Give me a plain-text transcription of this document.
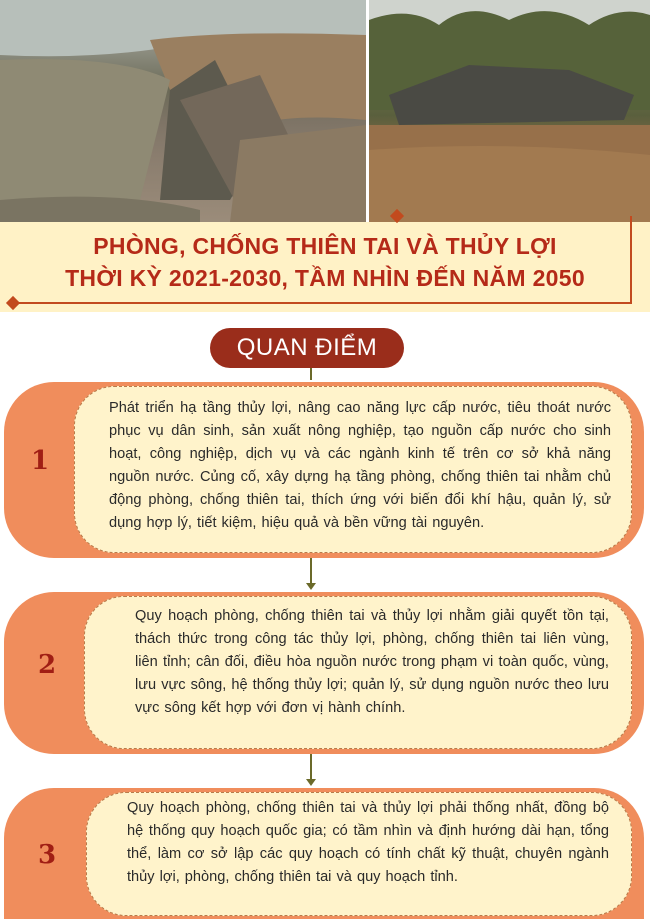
PHÒNG, CHỐNG THIÊN TAI VÀ THỦY LỢI
THỜI KỲ 2021-2030, TẦM NHÌN ĐẾN NĂM 2050
QUAN ĐIỂM
1
Phát triển hạ tầng thủy lợi, nâng cao năng lực cấp nước, tiêu thoát nước phục vụ dân sinh, sản xuất nông nghiệp, tạo nguồn cấp nước cho sinh hoạt, công nghiệp, dịch vụ và các ngành kinh tế trên cơ sở khả năng nguồn nước. Củng cố, xây dựng hạ tầng phòng, chống thiên tai nhằm chủ động phòng, chống thiên tai, thích ứng với biến đổi khí hậu, quản lý, sử dụng hợp lý, tiết kiệm, hiệu quả và bền vững tài nguyên.
2
Quy hoạch phòng, chống thiên tai và thủy lợi nhằm giải quyết tồn tại, thách thức trong công tác thủy lợi, phòng, chống thiên tai liên vùng, liên tỉnh; cân đối, điều hòa nguồn nước trong phạm vi toàn quốc, vùng, lưu vực sông, hệ thống thủy lợi; quản lý, sử dụng nguồn nước theo lưu vực sông kết hợp với đơn vị hành chính.
3
Quy hoạch phòng, chống thiên tai và thủy lợi phải thống nhất, đồng bộ hệ thống quy hoạch quốc gia; có tầm nhìn và định hướng dài hạn, tổng thể, làm cơ sở lập các quy hoạch có tính chất kỹ thuật, chuyên ngành thủy lợi, phòng, chống thiên tai và quy hoạch tỉnh.
